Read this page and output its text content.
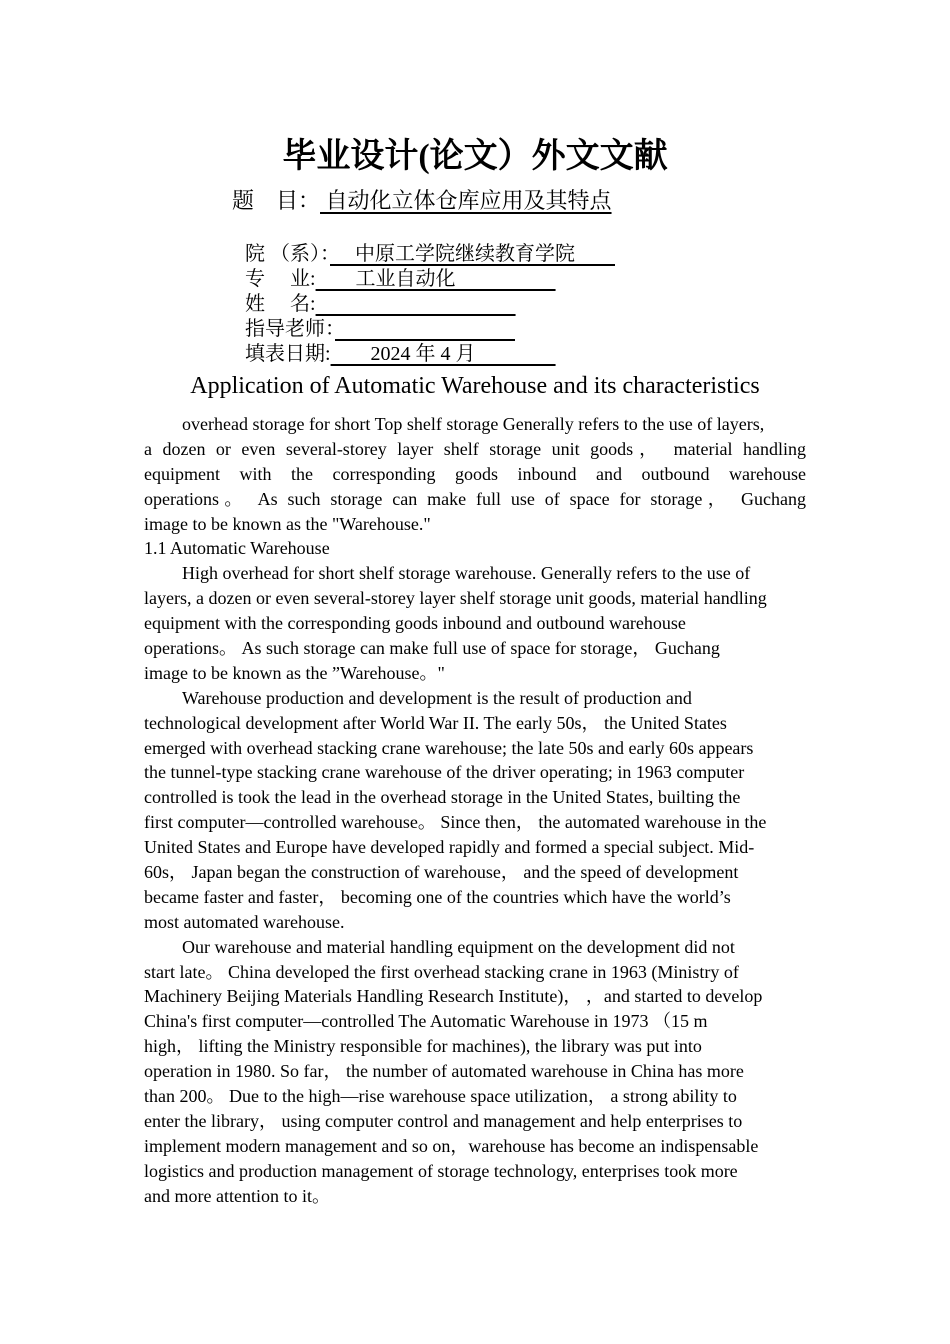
毕业设计(论文）外文文献
题　目： 自动化立体仓库应用及其特点
院 （系）：　 中原工学院继续教育学院　　
专　 业:　　工业自动化　　　　　
姓　 名:　　　　　　　　　　
指导老师：　　　　　　　　　
填表日期:　　2024 年 4 月　　　　
Application of Automatic Warehouse and its characteristics
overhead storage for short Top shelf storage Generally refers to the use of layers,
a dozen or even several-storey layer shelf storage unit goods， material handling
equipment with the corresponding goods inbound and outbound warehouse
operations。 As such storage can make full use of space for storage， Guchang
image to be known as the "Warehouse."
1.1 Automatic Warehouse
High overhead for short shelf storage warehouse. Generally refers to the use of
layers, a dozen or even several-storey layer shelf storage unit goods, material handling
equipment with the corresponding goods inbound and outbound warehouse
operations。 As such storage can make full use of space for storage， Guchang
image to be known as the ”Warehouse。"
Warehouse production and development is the result of production and
technological development after World War II. The early 50s， the United States
emerged with overhead stacking crane warehouse; the late 50s and early 60s appears
the tunnel-type stacking crane warehouse of the driver operating; in 1963 computer
controlled is took the lead in the overhead storage in the United States, builting the
first computer—controlled warehouse。 Since then， the automated warehouse in the
United States and Europe have developed rapidly and formed a special subject. Mid-
60s， Japan began the construction of warehouse， and the speed of development
became faster and faster， becoming one of the countries which have the world’s
most automated warehouse.
Our warehouse and material handling equipment on the development did not
start late。 China developed the first overhead stacking crane in 1963 (Ministry of
Machinery Beijing Materials Handling Research Institute)， ，and started to develop
China's first computer—controlled The Automatic Warehouse in 1973 （15 m
high， lifting the Ministry responsible for machines), the library was put into
operation in 1980. So far， the number of automated warehouse in China has more
than 200。 Due to the high—rise warehouse space utilization， a strong ability to
enter the library， using computer control and management and help enterprises to
implement modern management and so on，warehouse has become an indispensable
logistics and production management of storage technology, enterprises took more
and more attention to it。
